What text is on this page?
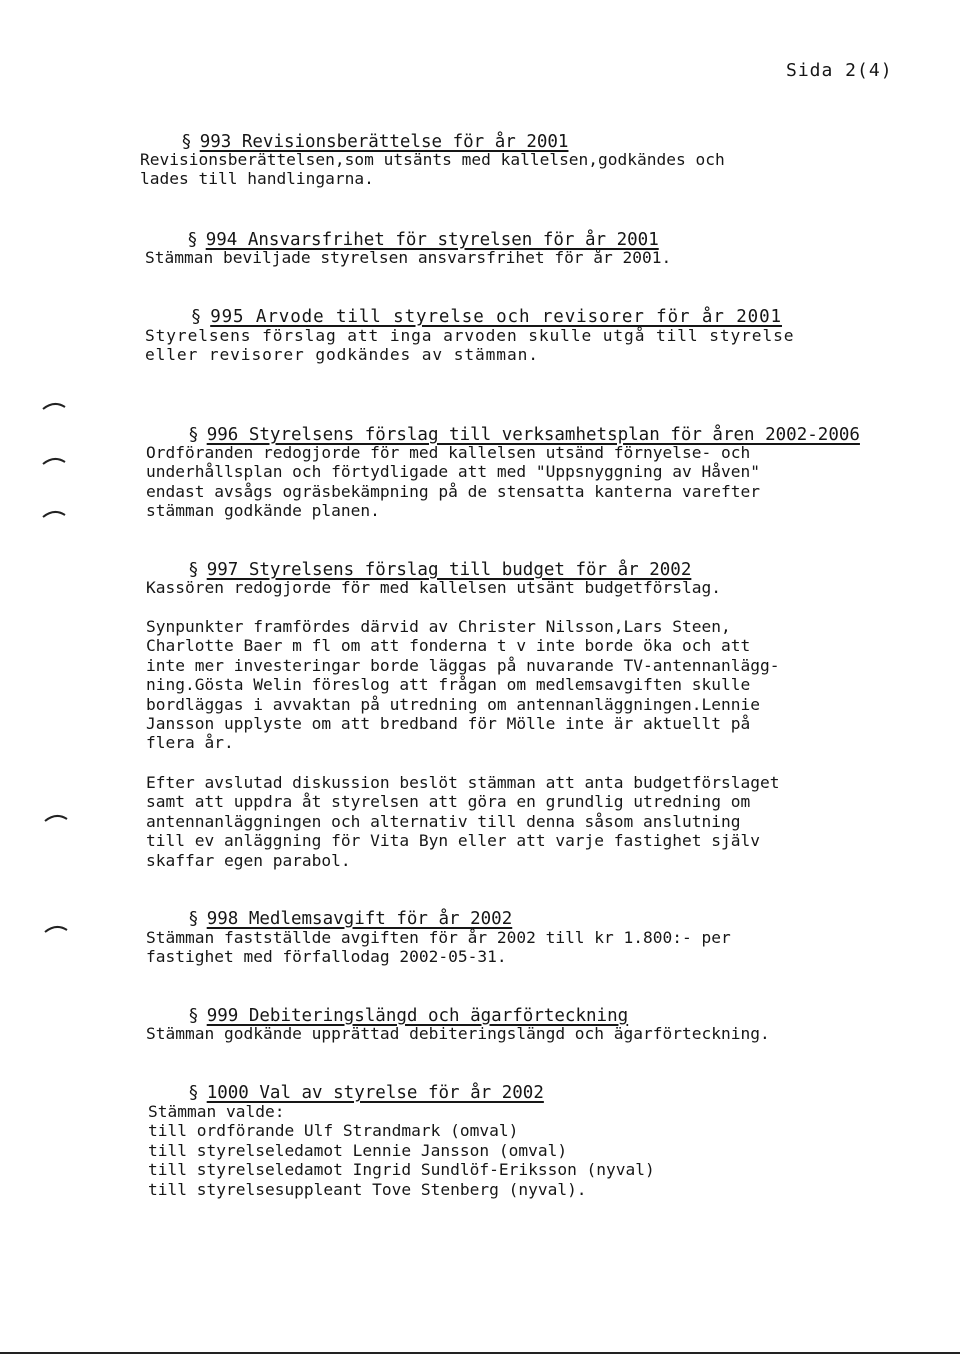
Sida 2(4)

§ 993 Revisionsberättelse för år 2001

Revisionsberättelsen,som utsänts med kallelsen,godkändes och
lades till handlingarna.

§ 994 Ansvarsfrihet för styrelsen för år 2001

Stämman beviljade styrelsen ansvarsfrihet för år 2001.

§ 995 Arvode till styrelse och revisorer för år 2001

Styrelsens förslag att inga arvoden skulle utgå till styrelse
eller revisorer godkändes av stämman.

§ 996 Styrelsens förslag till verksamhetsplan för åren 2002-2006

Ordföranden redogjorde för med kallelsen utsänd förnyelse- och
underhållsplan och förtydligade att med "Uppsnyggning av Håven"
endast avsågs ogräsbekämpning på de stensatta kanterna varefter
stämman godkände planen.

§ 997 Styrelsens förslag till budget för år 2002

Kassören redogjorde för med kallelsen utsänt budgetförslag.

Synpunkter framfördes därvid av Christer Nilsson,Lars Steen,
Charlotte Baer m fl om att fonderna t v inte borde öka och att
inte mer investeringar borde läggas på nuvarande TV-antennanlägg-
ning.Gösta Welin föreslog att frågan om medlemsavgiften skulle
bordläggas i avvaktan på utredning om antennanläggningen.Lennie
Jansson upplyste om att bredband för Mölle inte är aktuellt på
flera år.

Efter avslutad diskussion beslöt stämman att anta budgetförslaget
samt att uppdra åt styrelsen att göra en grundlig utredning om
antennanläggningen och alternativ till denna såsom anslutning
till ev anläggning för Vita Byn eller att varje fastighet själv
skaffar egen parabol.

§ 998 Medlemsavgift för år 2002

Stämman fastställde avgiften för år 2002 till kr 1.800:- per
fastighet med förfallodag 2002-05-31.

§ 999 Debiteringslängd och ägarförteckning

Stämman godkände upprättad debiteringslängd och ägarförteckning.

§ 1000 Val av styrelse för år 2002

Stämman valde:
till ordförande Ulf Strandmark (omval)
till styrelseledamot Lennie Jansson (omval)
till styrelseledamot Ingrid Sundlöf-Eriksson (nyval)
till styrelsesuppleant Tove Stenberg (nyval).
